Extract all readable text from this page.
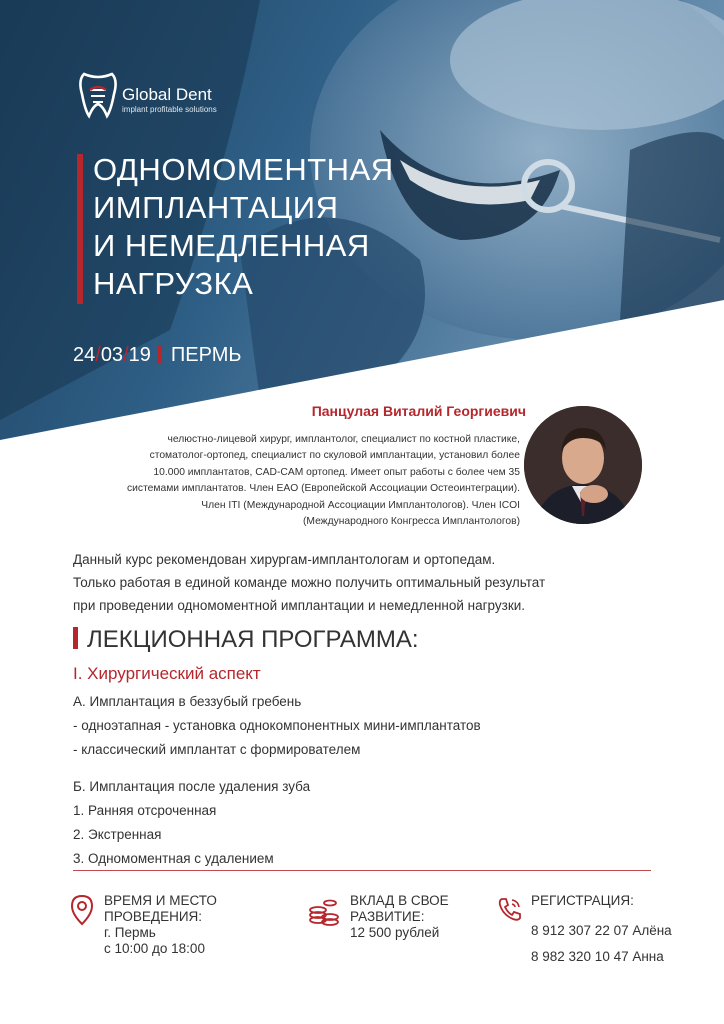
Global Dent
implant profitable solutions
ОДНОМОМЕНТНАЯ
ИМПЛАНТАЦИЯ
И НЕМЕДЛЕННАЯ
НАГРУЗКА
24/03/19 ПЕРМЬ
Панцулая Виталий Георгиевич
челюстно-лицевой хирург, имплантолог, специалист по костной пластике,
стоматолог-ортопед, специалист по скуловой имплантации, установил более
10.000 имплантатов, CAD-CAM ортопед. Имеет опыт работы с более чем 35
системами имплантатов. Член EAO (Европейской Ассоциации Остеоинтеграции).
Член ITI (Международной Ассоциации Имплантологов). Член ICOI
(Международного Конгресса Имплантологов)
Данный курс рекомендован хирургам-имплантологам и ортопедам.
Только работая в единой команде можно получить оптимальный результат
при проведении одномоментной имплантации и немедленной нагрузки.
ЛЕКЦИОННАЯ ПРОГРАММА:
I. Хирургический аспект
А. Имплантация в беззубый гребень
- одноэтапная - установка однокомпонентных мини-имплантатов
- классический имплантат с формирователем
Б. Имплантация после удаления зуба
1. Ранняя отсроченная
2. Экстренная
3. Одномоментная с удалением
ВРЕМЯ И МЕСТО
ПРОВЕДЕНИЯ:
г. Пермь
с 10:00 до 18:00
ВКЛАД В СВОЕ
РАЗВИТИЕ:
12 500 рублей
РЕГИСТРАЦИЯ:
8 912 307 22 07 Алёна
8 982 320 10 47 Анна
